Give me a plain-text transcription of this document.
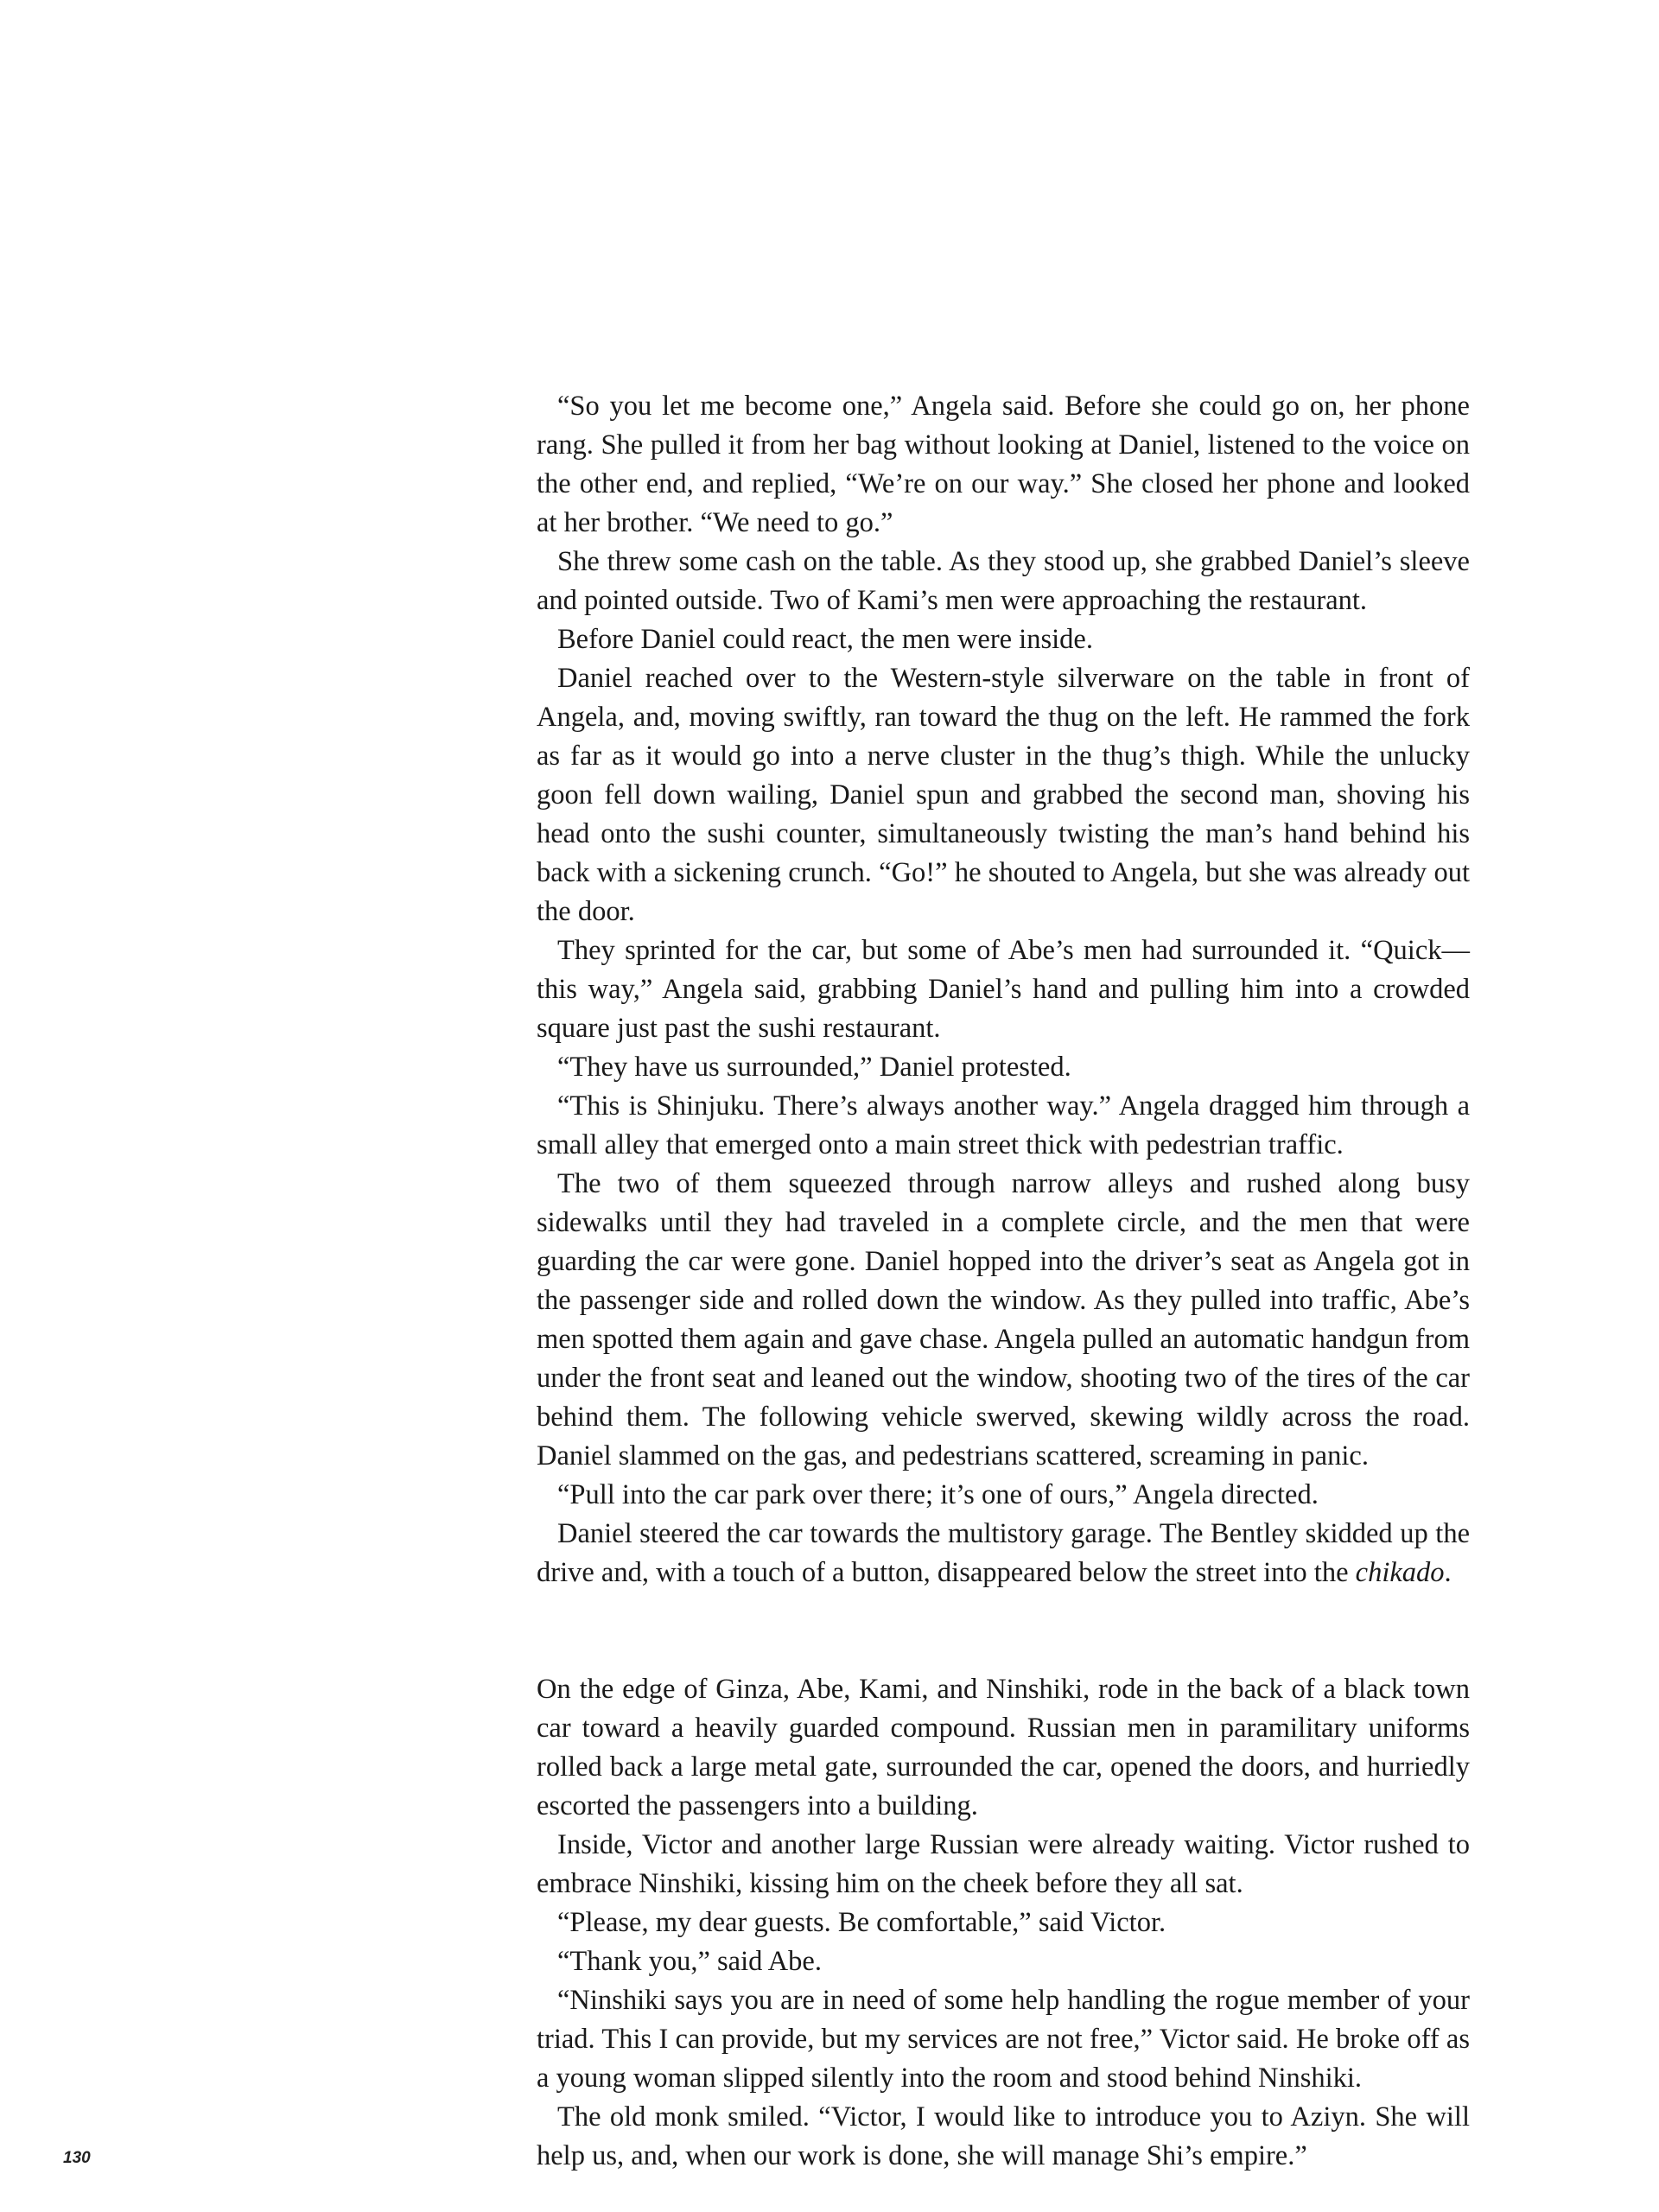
“So you let me become one,” Angela said. Before she could go on, her phone rang. She pulled it from her bag without looking at Daniel, listened to the voice on the other end, and replied, “We’re on our way.” She closed her phone and looked at her brother. “We need to go.”

She threw some cash on the table. As they stood up, she grabbed Daniel’s sleeve and pointed outside. Two of Kami’s men were approaching the restaurant.

Before Daniel could react, the men were inside.

Daniel reached over to the Western-style silverware on the table in front of Angela, and, moving swiftly, ran toward the thug on the left. He rammed the fork as far as it would go into a nerve cluster in the thug’s thigh. While the unlucky goon fell down wailing, Daniel spun and grabbed the second man, shoving his head onto the sushi counter, simultaneously twisting the man’s hand behind his back with a sickening crunch. “Go!” he shouted to Angela, but she was already out the door.

They sprinted for the car, but some of Abe’s men had surrounded it. “Quick—this way,” Angela said, grabbing Daniel’s hand and pulling him into a crowded square just past the sushi restaurant.

“They have us surrounded,” Daniel protested.

“This is Shinjuku. There’s always another way.” Angela dragged him through a small alley that emerged onto a main street thick with pedestrian traffic.

The two of them squeezed through narrow alleys and rushed along busy sidewalks until they had traveled in a complete circle, and the men that were guarding the car were gone. Daniel hopped into the driver’s seat as Angela got in the passenger side and rolled down the window. As they pulled into traffic, Abe’s men spotted them again and gave chase. Angela pulled an automatic handgun from under the front seat and leaned out the window, shooting two of the tires of the car behind them. The following vehicle swerved, skewing wildly across the road. Daniel slammed on the gas, and pedestrians scattered, screaming in panic.

“Pull into the car park over there; it’s one of ours,” Angela directed.

Daniel steered the car towards the multistory garage. The Bentley skidded up the drive and, with a touch of a button, disappeared below the street into the chikado.

On the edge of Ginza, Abe, Kami, and Ninshiki, rode in the back of a black town car toward a heavily guarded compound. Russian men in paramilitary uniforms rolled back a large metal gate, surrounded the car, opened the doors, and hurriedly escorted the passengers into a building.

Inside, Victor and another large Russian were already waiting. Victor rushed to embrace Ninshiki, kissing him on the cheek before they all sat.

“Please, my dear guests. Be comfortable,” said Victor.

“Thank you,” said Abe.

“Ninshiki says you are in need of some help handling the rogue member of your triad. This I can provide, but my services are not free,” Victor said. He broke off as a young woman slipped silently into the room and stood behind Ninshiki.

The old monk smiled. “Victor, I would like to introduce you to Aziyn. She will help us, and, when our work is done, she will manage Shi’s empire.”

130
